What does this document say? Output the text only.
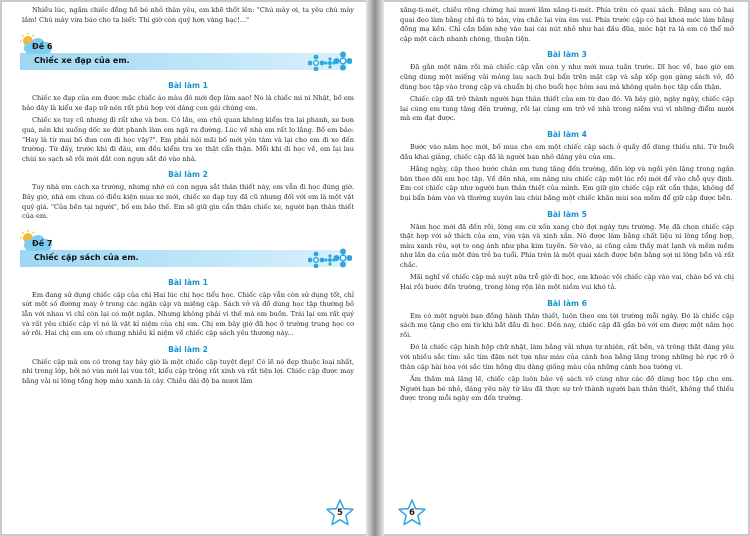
Nhiều lúc, ngắm chiếc đồng hồ bé nhỏ thân yêu, em khẽ thốt lên: "Chú mày ơi, ta yêu chú mày lắm! Chú mày vừa báo cho ta biết: Thì giờ còn quý hơn vàng bạc!..."

Đề 6
Chiếc xe đạp của em.
Bài làm 1

Chiếc xe đạp của em được mặc chiếc áo màu đỏ mới đẹp lâm sao! Nó là chiếc mi ni Nhật, bố em bảo đây là kiểu xe đạp nữ nên rất phù hợp với dáng con gái chúng em.

Chiếc xe tuy cũ nhưng đi rất nhẹ và bon. Có lần, em chủ quan không kiểm tra lại phanh, xe bon quá, nên khi xuống dốc xe đứt phanh làm em ngã ra đường. Lúc về nhà em rất lo lắng. Bố em bảo: "Hay là từ mai bố đưa con đi học vậy?". Em phải nói mãi bố mới yên tâm và lại cho em đi xe đến trường. Từ đấy, trước khi đi đâu, em đều kiểm tra xe thật cẩn thận. Mỗi khi đi học về, em lại lau chùi xe sạch sẽ rồi mới dắt con ngựa sắt đó vào nhà.

Bài làm 2

Tuy nhà em cách xa trường, nhưng nhờ có con ngựa sắt thân thiết này, em vẫn đi học đúng giờ. Bây giờ, nhà em chưa có điều kiện mua xe mới, chiếc xe đạp tuy đã cũ nhưng đối với em là một vật quý giá. "Của bền tại người", bố em bảo thế. Em sẽ giữ gìn cẩn thận chiếc xe, người bạn thân thiết của em.

Đề 7
Chiếc cặp sách của em.
Bài làm 1

Em đang sử dụng chiếc cặp của chị Hai lúc chị học tiểu học. Chiếc cặp vẫn còn sử dụng tốt, chỉ sứt một số đường may ở trong các ngăn cặp và miệng cặp. Sách vở và đồ dùng học tập thường bỏ lẫn với nhau vì chỉ còn lại có một ngăn. Nhưng không phải vì thế mà em buồn. Trái lại em rất quý và rất yêu chiếc cặp vì nó là vật kỉ niệm của chị em. Chị em bây giờ đã học ở trường trung học cơ sở rồi. Hai chị em em có chung nhiều kỉ niệm về chiếc cặp sách yêu thương này...

Bài làm 2

Chiếc cặp mà em có trong tay bây giờ là một chiếc cặp tuyệt đẹp! Có lẽ nó đẹp thuộc loại nhất, nhì trong lớp, bởi nó vừa mới lại vừa tốt, kiểu cặp trông rất xinh và rất tiện lợi. Chiếc cặp được may bằng vải ni lông tổng hợp màu xanh lá cây. Chiều dài độ ba mươi lăm

5

xăng-ti-mét, chiều rộng chừng hai mươi lăm xăng-ti-mét. Phía trên có quai xách. Đằng sau có hai quai đeo làm bằng chỉ dù to bản, vừa chắc lại vừa êm vai. Phía trước cặp có hai khoá móc làm bằng đồng mạ kền. Chỉ cần bấm nhẹ vào hai cái nút nhỏ như hai đầu đũa, móc bật ra là em có thể mở cặp một cách nhanh chóng, thuận tiện.

Bài làm 3

Đã gần một năm rồi mà chiếc cặp vẫn còn y như mới mua tuần trước. Dĩ học về, bao giờ em cũng dùng một miếng vải mỏng lau sạch bụi bẩn trên mặt cặp và sắp xếp gọn gàng sách vở, đồ dùng học tập vào trong cặp và chuẩn bị cho buổi học hôm sau mà không quên học tập cẩn thận.

Chiếc cặp đã trở thành người bạn thân thiết của em từ đạo đó. Và bây giờ, ngày ngày, chiếc cặp lại cùng em tung tăng đến trường, rồi lại cùng em trở về nhà trong niềm vui vì những điểm mười mà em đạt được.

Bài làm 4

Bước vào năm học mới, bố mua cho em một chiếc cặp sách ở quầy đồ dùng thiếu nhi. Từ buổi đầu khai giảng, chiếc cặp đã là người bạn nhỏ đáng yêu của em.

Hằng ngày, cặp theo bước chân em tung tăng đến trường, đến lớp và ngồi yên lặng trong ngăn bàn theo dõi em học tập. Về đến nhà, em nâng niu chiếc cặp một lúc rồi mới để vào chỗ quy định. Em coi chiếc cặp như người bạn thân thiết của mình. Em giữ gìn chiếc cặp rất cẩn thận, không để bụi bẩn bám vào và thường xuyên lau chùi bằng một chiếc khăn mùi soa mềm để giữ cặp được bền.

Bài làm 5

Năm học mới đã đến rồi, lòng em cứ xốn xang chờ đợi ngày tựu trường. Mẹ đã chọn chiếc cặp thật hợp với sở thích của em, vừa vặn và xinh xắn. Nó được làm bằng chất liệu ni lông tổng hợp, màu xanh rêu, sợi to ong ánh như pha kim tuyến. Sờ vào, ai cũng cảm thấy mát lạnh và mềm mềm như lần da của một đứa trẻ ba tuổi. Phía trên là một quai xách được bện bằng sợi ni lông bền và rất chắc.

Mãi nghĩ về chiếc cặp mà suýt nữa trễ giờ đi học, em khoác vội chiếc cặp vào vai, chào bố và chị Hai rồi bước đến trường, trong lòng rộn lên một niềm vui khó tả.

Bài làm 6

Em có một người bạn đồng hành thân thiết, luôn theo em tới trường mỗi ngày. Đó là chiếc cặp sách mẹ tặng cho em từ khi bắt đầu đi học. Đến nay, chiếc cặp đã gắn bó với em được một năm học rồi.

Đó là chiếc cặp hình hộp chữ nhật, làm bằng vải nhựa tự nhiên, rất bền, và trông thật đáng yêu với nhiều sắc tím: sắc tím đậm nét tựa như màu của cánh hoa bằng lăng trong những hè rực rỡ ở thân cặp hài hòa với sắc tím hồng dịu dàng giống màu của những cánh hoa tường vi.

Ấm thầm mà lặng lẽ, chiếc cặp luôn bảo vệ sách vở cùng như các đồ dùng học tập cho em. Người bạn bé nhỏ, đáng yêu này từ lâu đã thực sự trở thành người bạn thân thiết, không thể thiếu được trong mỗi ngày em đến trường.

6
